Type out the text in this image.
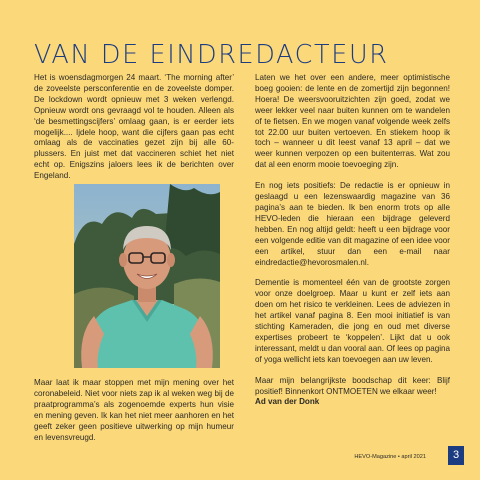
VAN DE EINDREDACTEUR

Het is woensdagmorgen 24 maart. ‘The morning after’ de zoveelste persconferentie en de zoveelste domper. De lockdown wordt opnieuw met 3 weken verlengd. Opnieuw wordt ons gevraagd vol te houden. Alleen als ‘de besmettingscijfers’ omlaag gaan, is er eerder iets mogelijk.... Ijdele hoop, want die cijfers gaan pas echt omlaag als de vaccinaties gezet zijn bij alle 60-plussers. En juist met dat vaccineren schiet het niet echt op. Enigszins jaloers lees ik de berichten over Engeland.

Maar laat ik maar stoppen met mijn mening over het coronabeleid. Niet voor niets zap ik al weken weg bij de praatprogramma’s als zogenoemde experts hun visie en mening geven. Ik kan het niet meer aanhoren en het geeft zeker geen positieve uitwerking op mijn humeur en levensvreugd.

Laten we het over een andere, meer optimistische boeg gooien: de lente en de zomertijd zijn begonnen! Hoera! De weersvooruitzichten zijn goed, zodat we weer lekker veel naar buiten kunnen om te wandelen of te fietsen. En we mogen vanaf volgende week zelfs tot 22.00 uur buiten vertoeven. En stiekem hoop ik toch – wanneer u dit leest vanaf 13 april – dat we weer kunnen verpozen op een buitenterras. Wat zou dat al een enorm mooie toevoeging zijn.

En nog iets positiefs: De redactie is er opnieuw in geslaagd u een lezenswaardig magazine van 36 pagina’s aan te bieden. Ik ben enorm trots op alle HEVO-leden die hieraan een bijdrage geleverd hebben. En nog altijd geldt: heeft u een bijdrage voor een volgende editie van dit magazine of een idee voor een artikel, stuur dan een e-mail naar eindredactie@hevorosmalen.nl.

Dementie is momenteel één van de grootste zorgen voor onze doelgroep. Maar u kunt er zelf iets aan doen om het risico te verkleinen. Lees de adviezen in het artikel vanaf pagina 8. Een mooi initiatief is van stichting Kameraden, die jong en oud met diverse expertises probeert te ‘koppelen’. Lijkt dat u ook interessant, meldt u dan vooral aan. Of lees op pagina of yoga wellicht iets kan toevoegen aan uw leven.

Maar mijn belangrijkste boodschap dit keer: Blijf positief! Binnenkort ONTMOETEN we elkaar weer!

Ad van der Donk

HEVO-Magazine • april 2021	3
